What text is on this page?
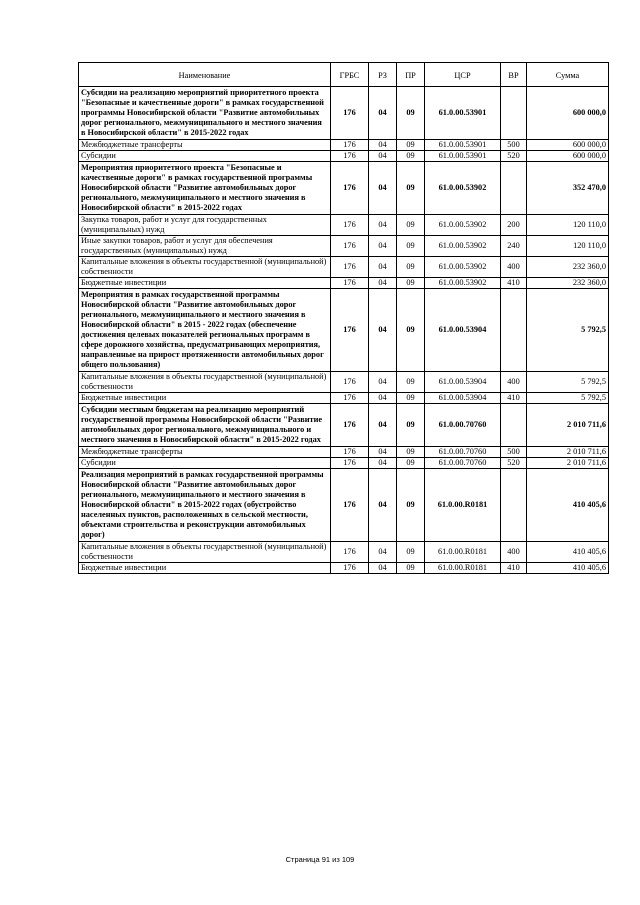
Наименование	ГРБС	РЗ	ПР	ЦСР	ВР	Сумма
Субсидии на реализацию мероприятий приоритетного проекта "Безопасные и качественные дороги" в рамках государственной программы Новосибирской области "Развитие автомобильных дорог регионального, межмуниципального и местного значения в Новосибирской области" в 2015-2022 годах	176	04	09	61.0.00.53901		600 000,0
Межбюджетные трансферты	176	04	09	61.0.00.53901	500	600 000,0
Субсидии	176	04	09	61.0.00.53901	520	600 000,0
Мероприятия приоритетного проекта "Безопасные и качественные дороги" в рамках государственной программы Новосибирской области "Развитие автомобильных дорог регионального, межмуниципального и местного значения в Новосибирской области" в 2015-2022 годах	176	04	09	61.0.00.53902		352 470,0
Закупка товаров, работ и услуг для государственных (муниципальных) нужд	176	04	09	61.0.00.53902	200	120 110,0
Иные закупки товаров, работ и услуг для обеспечения государственных (муниципальных) нужд	176	04	09	61.0.00.53902	240	120 110,0
Капитальные вложения в объекты государственной (муниципальной) собственности	176	04	09	61.0.00.53902	400	232 360,0
Бюджетные инвестиции	176	04	09	61.0.00.53902	410	232 360,0
Мероприятия в рамках государственной программы Новосибирской области "Развитие автомобильных дорог регионального, межмуниципального и местного значения в Новосибирской области" в 2015 - 2022 годах (обеспечение достижения целевых показателей региональных программ в сфере дорожного хозяйства, предусматривающих мероприятия, направленные на прирост протяженности автомобильных дорог общего пользования)	176	04	09	61.0.00.53904		5 792,5
Капитальные вложения в объекты государственной (муниципальной) собственности	176	04	09	61.0.00.53904	400	5 792,5
Бюджетные инвестиции	176	04	09	61.0.00.53904	410	5 792,5
Субсидии местным бюджетам на реализацию мероприятий государственной программы Новосибирской области "Развитие автомобильных дорог регионального, межмуниципального и местного значения в Новосибирской области" в 2015-2022 годах	176	04	09	61.0.00.70760		2 010 711,6
Межбюджетные трансферты	176	04	09	61.0.00.70760	500	2 010 711,6
Субсидии	176	04	09	61.0.00.70760	520	2 010 711,6
Реализация мероприятий в рамках государственной программы Новосибирской области "Развитие автомобильных дорог регионального, межмуниципального и местного значения в Новосибирской области" в 2015-2022 годах (обустройство населенных пунктов, расположенных в сельской местности, объектами строительства и реконструкции автомобильных дорог)	176	04	09	61.0.00.R0181		410 405,6
Капитальные вложения в объекты государственной (муниципальной) собственности	176	04	09	61.0.00.R0181	400	410 405,6
Бюджетные инвестиции	176	04	09	61.0.00.R0181	410	410 405,6
Страница 91 из 109
